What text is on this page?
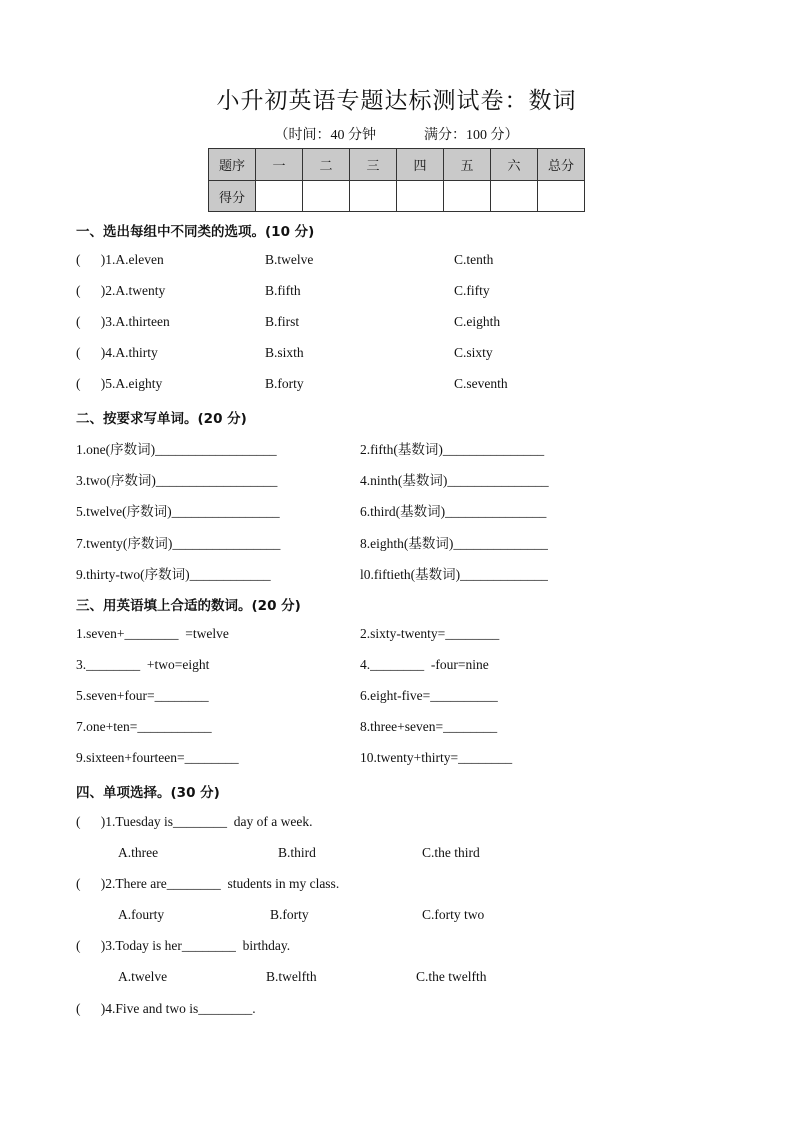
小升初英语专题达标测试卷：数词
（时间：40 分钟	满分：100 分）
题序	一	二	三	四	五	六	总分
得分							
一、选出每组中不同类的选项。(10 分)
(      )1.A.eleven	B.twelve	C.tenth
(      )2.A.twenty	B.fifth	C.fifty
(      )3.A.thirteen	B.first	C.eighth
(      )4.A.thirty	B.sixth	C.sixty
(      )5.A.eighty	B.forty	C.seventh
二、按要求写单词。(20 分)
1.one(序数词)__________________	2.fifth(基数词)_______________
3.two(序数词)__________________	4.ninth(基数词)_______________
5.twelve(序数词)________________	6.third(基数词)_______________
7.twenty(序数词)________________	8.eighth(基数词)______________
9.thirty-two(序数词)____________	l0.fiftieth(基数词)_____________
三、用英语填上合适的数词。(20 分)
1.seven+________  =twelve	2.sixty-twenty=________
3.________  +two=eight	4.________  -four=nine
5.seven+four=________	6.eight-five=__________
7.one+ten=___________	8.three+seven=________
9.sixteen+fourteen=________	10.twenty+thirty=________
四、单项选择。(30 分)
(      )1.Tuesday is________  day of a week.
A.three	B.third	C.the third
(      )2.There are________  students in my class.
A.fourty	B.forty	C.forty two
(      )3.Today is her________  birthday.
A.twelve	B.twelfth	C.the twelfth
(      )4.Five and two is________.
